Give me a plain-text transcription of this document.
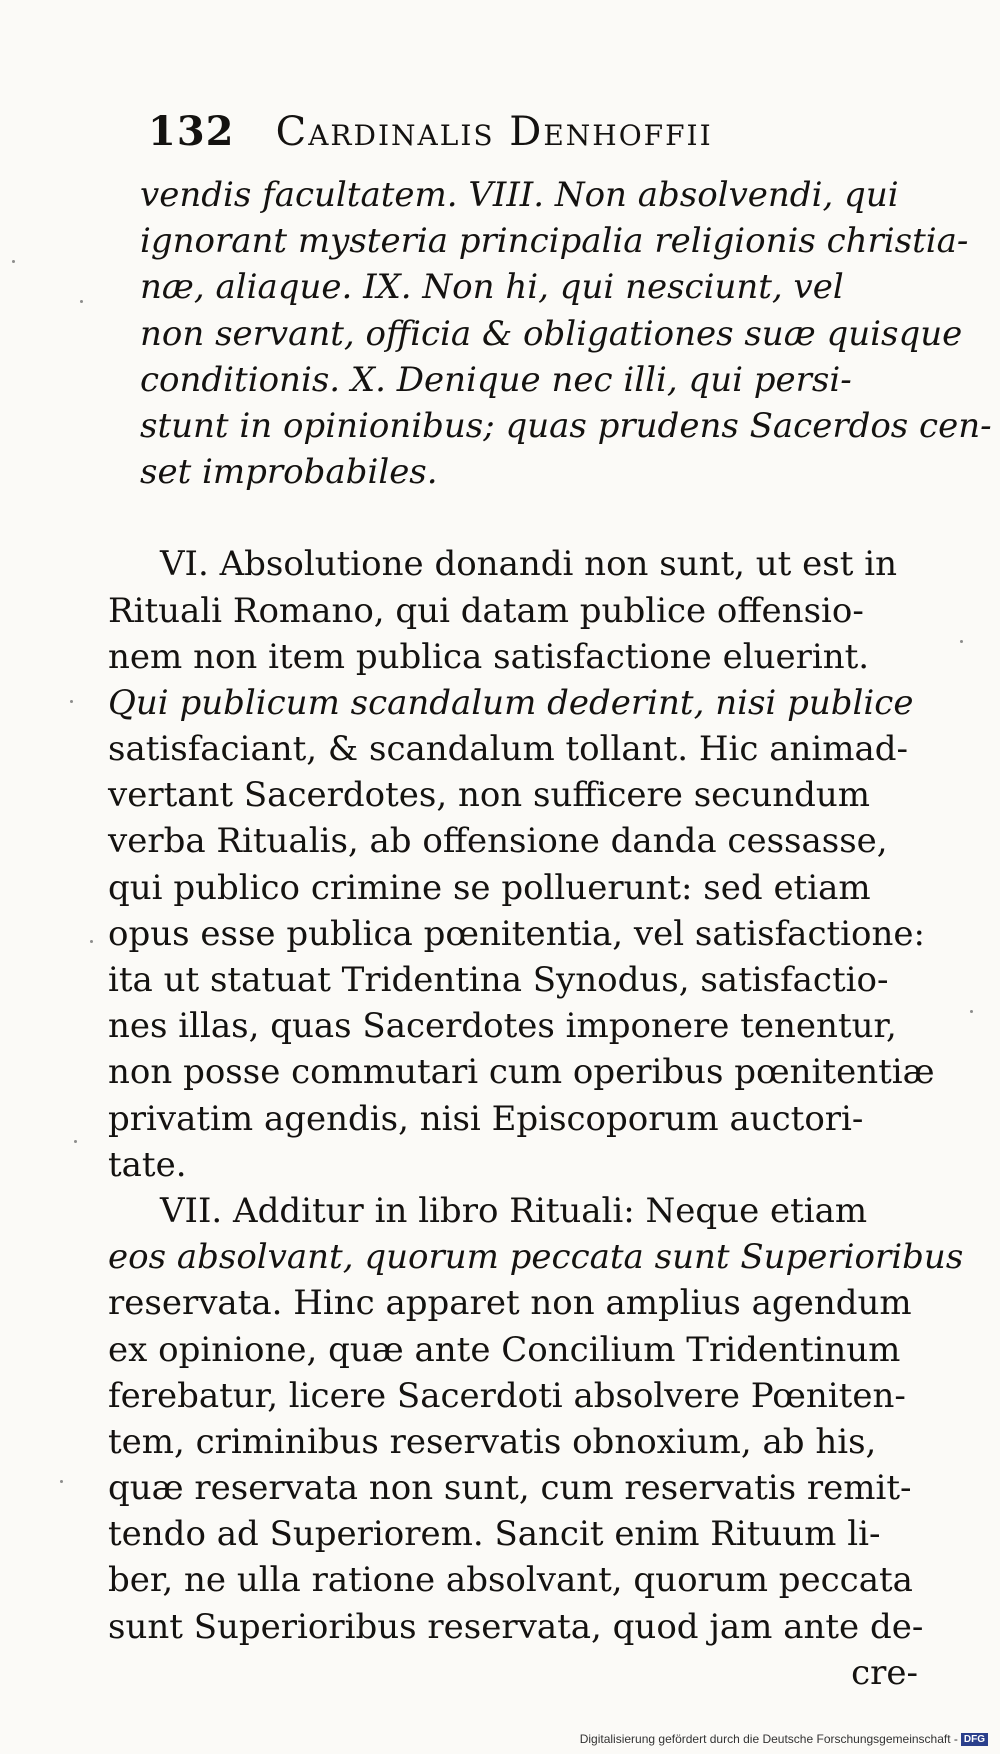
132 Cardinalis Denhoffii
vendis facultatem. VIII. Non absolvendi, qui
ignorant mysteria principalia religionis christia-
næ, aliaque. IX. Non hi, qui nesciunt, vel
non servant, officia & obligationes suæ quisque
conditionis. X. Denique nec illi, qui persi-
stunt in opinionibus; quas prudens Sacerdos cen-
set improbabiles.
VI. Absolutione donandi non sunt, ut est in
Rituali Romano, qui datam publice offensio-
nem non item publica satisfactione eluerint.
Qui publicum scandalum dederint, nisi publice
satisfaciant, & scandalum tollant. Hic animad-
vertant Sacerdotes, non sufficere secundum
verba Ritualis, ab offensione danda cessasse,
qui publico crimine se polluerunt: sed etiam
opus esse publica pœnitentia, vel satisfactione:
ita ut statuat Tridentina Synodus, satisfactio-
nes illas, quas Sacerdotes imponere tenentur,
non posse commutari cum operibus pœnitentiæ
privatim agendis, nisi Episcoporum auctori-
tate.
VII. Additur in libro Rituali: Neque etiam
eos absolvant, quorum peccata sunt Superioribus
reservata. Hinc apparet non amplius agendum
ex opinione, quæ ante Concilium Tridentinum
ferebatur, licere Sacerdoti absolvere Pœniten-
tem, criminibus reservatis obnoxium, ab his,
quæ reservata non sunt, cum reservatis remit-
tendo ad Superiorem. Sancit enim Rituum li-
ber, ne ulla ratione absolvant, quorum peccata
sunt Superioribus reservata, quod jam ante de-
cre-
Digitalisierung gefördert durch die Deutsche Forschungsgemeinschaft - DFG
